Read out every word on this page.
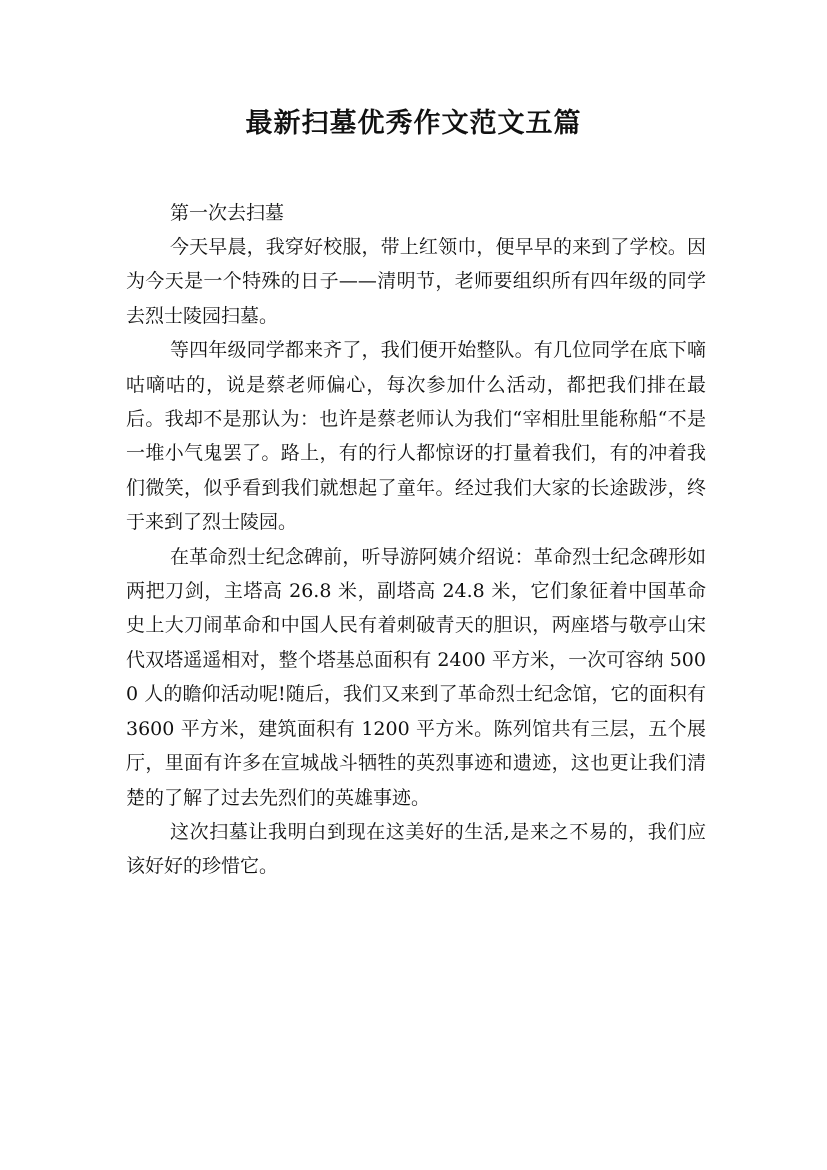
最新扫墓优秀作文范文五篇

第一次去扫墓

今天早晨，我穿好校服，带上红领巾，便早早的来到了学校。因为今天是一个特殊的日子——清明节，老师要组织所有四年级的同学去烈士陵园扫墓。

等四年级同学都来齐了，我们便开始整队。有几位同学在底下嘀咕嘀咕的，说是蔡老师偏心，每次参加什么活动，都把我们排在最后。我却不是那认为：也许是蔡老师认为我们“宰相肚里能称船“不是一堆小气鬼罢了。路上，有的行人都惊讶的打量着我们，有的冲着我们微笑，似乎看到我们就想起了童年。经过我们大家的长途跋涉，终于来到了烈士陵园。

在革命烈士纪念碑前，听导游阿姨介绍说：革命烈士纪念碑形如两把刀剑，主塔高 26.8 米，副塔高 24.8 米，它们象征着中国革命史上大刀闹革命和中国人民有着刺破青天的胆识，两座塔与敬亭山宋代双塔遥遥相对，整个塔基总面积有 2400 平方米，一次可容纳 5000 人的瞻仰活动呢!随后，我们又来到了革命烈士纪念馆，它的面积有 3600 平方米，建筑面积有 1200 平方米。陈列馆共有三层，五个展厅，里面有许多在宣城战斗牺牲的英烈事迹和遗迹，这也更让我们清楚的了解了过去先烈们的英雄事迹。

这次扫墓让我明白到现在这美好的生活,是来之不易的，我们应该好好的珍惜它。
